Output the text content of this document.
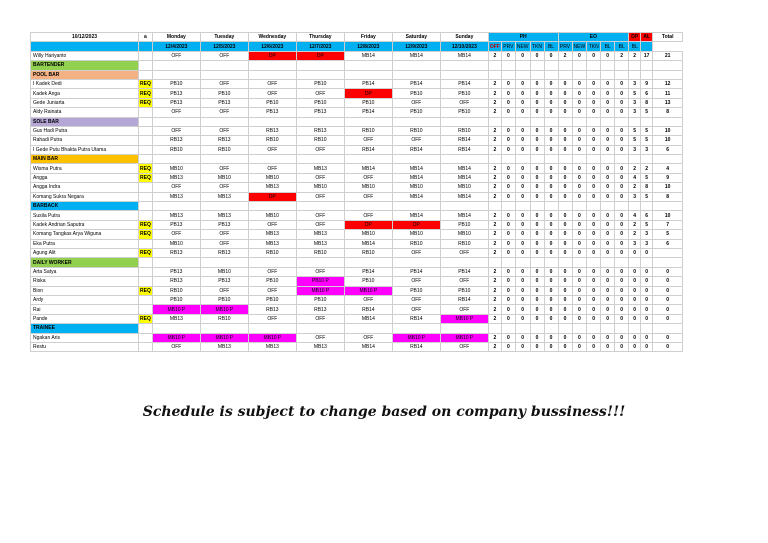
10/12/2023	a	Monday	Tuesday	Wednesday	Thursday	Friday	Saturday	Sunday	PH					EO					DP	AL	Total
		12/4/2023	12/5/2023	12/6/2023	12/7/2023	12/8/2023	12/9/2023	12/10/2023	OFF	PRV	NEW	TKN	BL	PRV	NEW	TKN	BL	BL	BL		
Willy Hariyanto		OFF	OFF	DP	DP	MB14	MB14	MB14	2	0	0	0	0	2	0	0	0	2	2	17	21
BARTENDER																					
POOL BAR																					
I Kadek Dedi	REQ	PB10	OFF	OFF	PB10	PB14	PB14	PB14	2	0	0	0	0	0	0	0	0	0	3	9	12
Kadek Anga	REQ	PB13	PB10	OFF	OFF	DP	PB10	PB10	2	0	0	0	0	0	0	0	0	0	5	6	11
Gede Juniarta	REQ	PB13	PB13	PB10	PB10	PB10	OFF	OFF	2	0	0	0	0	0	0	0	0	0	3	8	13
Aldy Rainata		OFF	OFF	PB13	PB13	PB14	PB10	PB10	2	0	0	0	0	0	0	0	0	0	3	5	8
SOLE BAR																					
Gus Hadi Putra		OFF	OFF	RB13	RB13	RB10	RB10	RB10	2	0	0	0	0	0	0	0	0	0	5	5	10
Rahadi Putra		RB13	RB13	RB10	RB10	OFF	OFF	RB14	2	0	0	0	0	0	0	0	0	0	5	5	10
I Gede Putu Bhakta Putra Utama		RB10	RB10	OFF	OFF	RB14	RB14	RB14	2	0	0	0	0	0	0	0	0	0	3	3	6
MAIN BAR																					
Wisma Putra	REQ	MB10	OFF	OFF	MB13	MB14	MB14	MB14	2	0	0	0	0	0	0	0	0	0	2	2	4
Angga	REQ	MB13	MB10	MB10	OFF	OFF	MB14	MB14	2	0	0	0	0	0	0	0	0	0	4	5	9
Angga Indra		OFF	OFF	MB13	MB10	MB10	MB10	MB10	2	0	0	0	0	0	0	0	0	0	2	8	10
Komang Sukra Negara		MB13	MB13	DP	OFF	OFF	MB14	MB14	2	0	0	0	0	0	0	0	0	0	3	5	8
BARBACK																					
Susila Putra		MB13	MB13	MB10	OFF	OFF	MB14	MB14	2	0	0	0	0	0	0	0	0	0	4	6	10
Kadek Andrian Saputra	REQ	PB13	PB13	OFF	OFF	DP	DP	PB10	2	0	0	0	0	0	0	0	0	0	2	5	7
Komang Tangkas Arya Wiguna	REQ	OFF	OFF	MB13	MB13	MB10	MB10	MB10	2	0	0	0	0	0	0	0	0	0	2	3	5
Eka Putra		MB10	OFF	MB13	MB13	MB14	RB10	RB10	2	0	0	0	0	0	0	0	0	0	3	3	6
Agung Alit	REQ	RB13	RB13	RB10	RB10	RB10	OFF	OFF	2	0	0	0	0	0	0	0	0	0	0	0	
DAILY WORKER																					
Arta Satya		PB13	MB10	OFF	OFF	PB14	PB14	PB14	2	0	0	0	0	0	0	0	0	0	0	0	0
Riska		RB13	PB13	PB10	PB10 P	PB10	OFF	OFF	2	0	0	0	0	0	0	0	0	0	0	0	0
Bion	REQ	RB10	OFF	OFF	MB10 P	MB10 P	PB10	PB10	2	0	0	0	0	0	0	0	0	0	0	0	0
Ardy		PB10	PB10	PB10	PB10	OFF	OFF	RB14	2	0	0	0	0	0	0	0	0	0	0	0	0
Rai		MB10 P	MB10 P	RB13	RB13	RB14	OFF	OFF	2	0	0	0	0	0	0	0	0	0	0	0	0
Pande	REQ	MB13	RB10	OFF	OFF	MB14	RB14	MB10 P	2	0	0	0	0	0	0	0	0	0	0	0	0
TRAINEE																					
Ngakan Aris		MB10 P	MB10 P	MB10 P	OFF	OFF	MB10 P	MB10 P	2	0	0	0	0	0	0	0	0	0	0	0	0
Restu		OFF	MB13	MB13	MB13	MB14	RB14	OFF	2	0	0	0	0	0	0	0	0	0	0	0	0
Schedule is subject to change based on company bussiness!!!
